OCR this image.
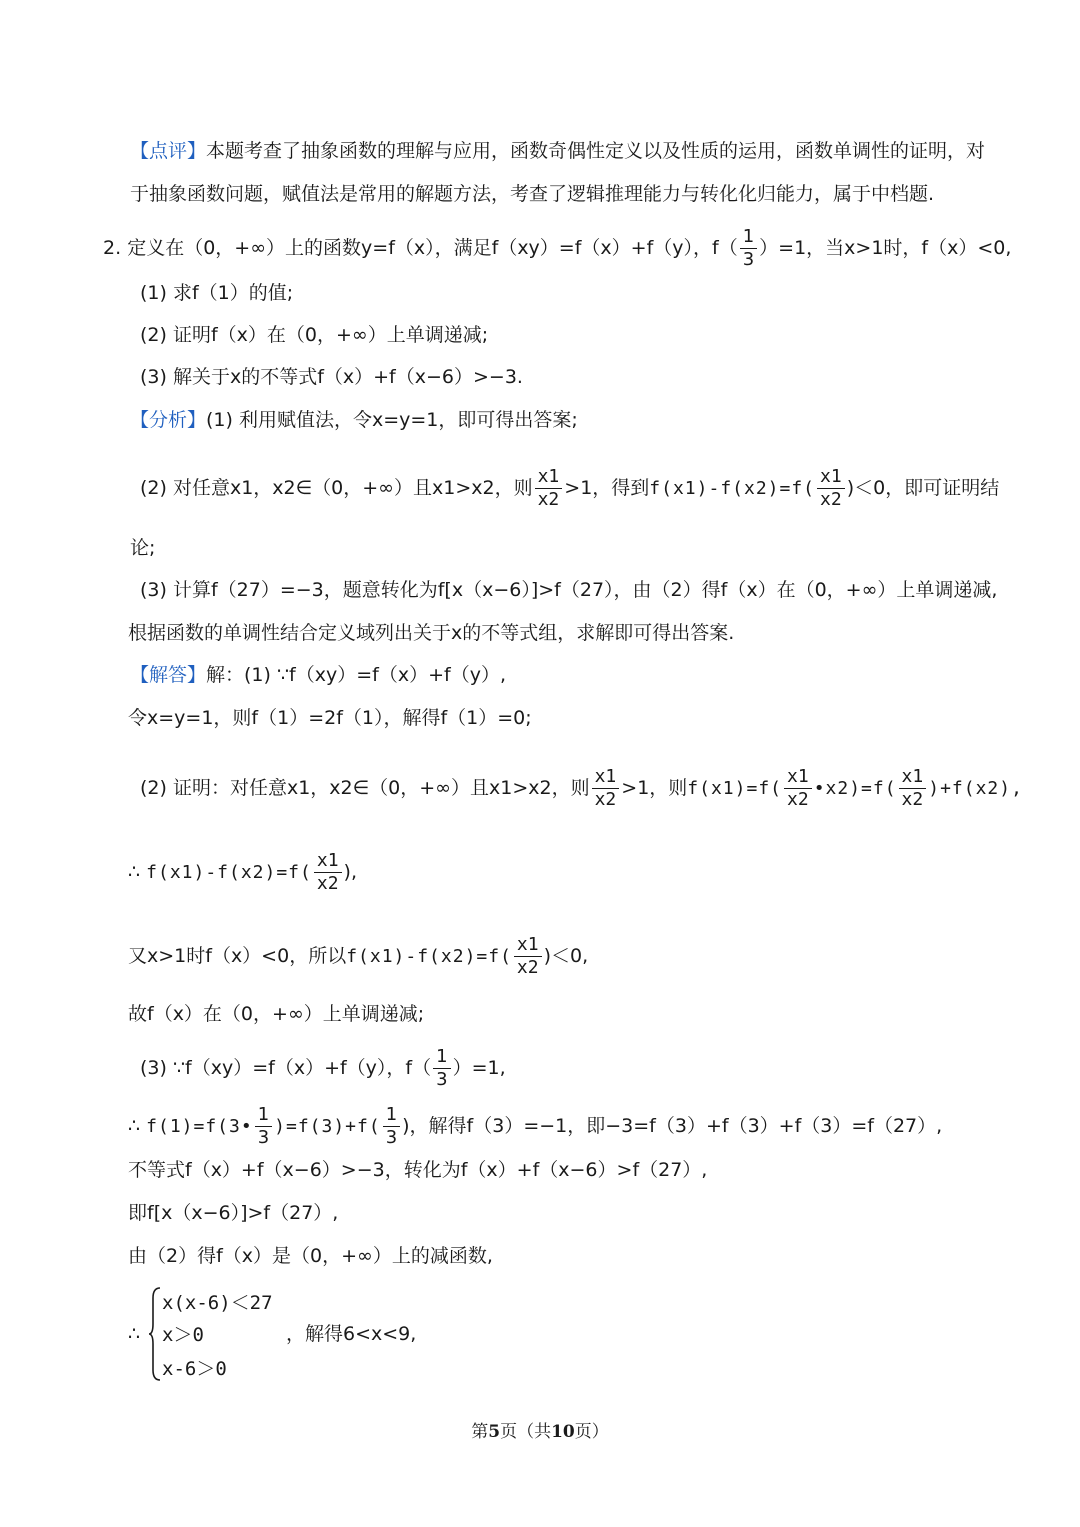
【点评】本题考查了抽象函数的理解与应用，函数奇偶性定义以及性质的运用，函数单调性的证明，对
于抽象函数问题，赋值法是常用的解题方法，考查了逻辑推理能力与转化化归能力，属于中档题.
2. 定义在（0，+∞）上的函数y=f（x），满足f（xy）=f（x）+f（y），$f( \frac{1}{3} )=1$，当x>1时，f（x）<0,
(1) 求f（1）的值;
(2) 证明f（x）在（0，+∞）上单调递减;
(3) 解关于x的不等式f（x）+f（x−6）>−3.
【分析】(1) 利用赋值法，令x=y=1，即可得出答案;
(2) 对任意x1，x2∈（0，+∞）且x1>x2，则 $\frac{x1}{x2} >1$，得到$f(x1)-f(x2)=f( \frac{x1}{x2} )<0$，即可证明结
论;
(3) 计算f（27）=−3，题意转化为f[x（x−6）]>f（27），由（2）得f（x）在（0，+∞）上单调递减,
根据函数的单调性结合定义域列出关于x的不等式组，求解即可得出答案.
【解答】解：(1) ∵f（xy）=f（x）+f（y）,
令x=y=1，则f（1）=2f（1），解得f（1）=0;
(2) 证明：对任意x1，x2∈（0，+∞）且x1>x2，则 $\frac{x1}{x2} >1$，则$f(x1)=f( \frac{x1}{x2}$ •x2)=f( $\frac{x1}{x2} )+f(x2)$,
∴ $f(x1)-f(x2)=f( \frac{x1}{x2}$ ),
又x>1时f（x）<0，所以$f(x1)-f(x2)=f( \frac{x1}{x2} )<0$,
故f（x）在（0，+∞）上单调递减;
(3) ∵f（xy）=f（x）+f（y），$f( \frac{1}{3} )=1$,
∴ f(1)=f(3• $\frac{1}{3} )=f(3)+f( \frac{1}{3}$ )，解得f（3）=−1，即−3=f（3）+f（3）+f（3）=f（27）,
不等式f（x）+f（x−6）>−3，转化为f（x）+f（x−6）>f（27）,
即f[x（x−6）]>f（27）,
由（2）得f（x）是（0，+∞）上的减函数,
∴
x(x-6)＜27
x＞0
x-6＞0
，解得6<x<9,
第5页（共10页）
